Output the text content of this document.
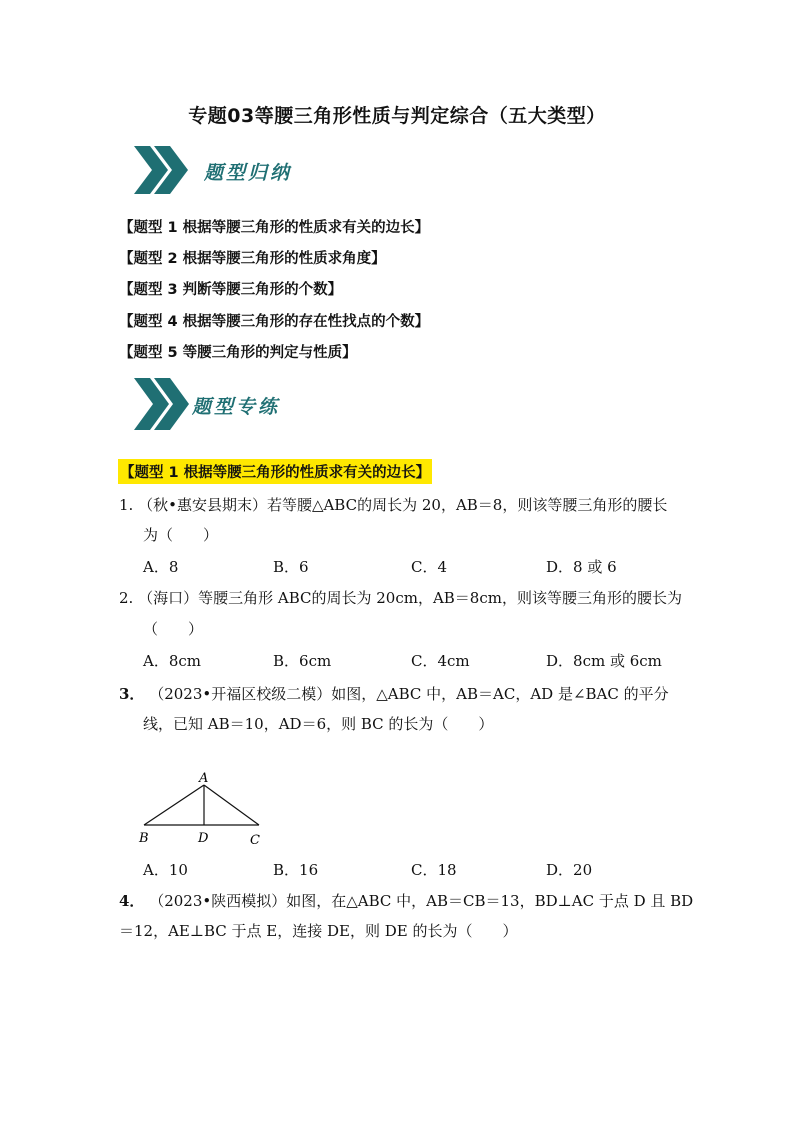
专题03等腰三角形性质与判定综合（五大类型）
题型归纳
【题型 1 根据等腰三角形的性质求有关的边长】
【题型 2 根据等腰三角形的性质求角度】
【题型 3 判断等腰三角形的个数】
【题型 4 根据等腰三角形的存在性找点的个数】
【题型 5 等腰三角形的判定与性质】
题型专练
【题型 1 根据等腰三角形的性质求有关的边长】
1. （秋•惠安县期末）若等腰△ABC的周长为 20，AB＝8，则该等腰三角形的腰长
为（　　）
A．8	B．6	C．4	D．8 或 6
2. （海口）等腰三角形 ABC的周长为 20cm，AB＝8cm，则该等腰三角形的腰长为
（　　）
A．8cm	B．6cm	C．4cm	D．8cm 或 6cm
3． （2023•开福区校级二模）如图，△ABC 中，AB＝AC，AD 是∠BAC 的平分
线，已知 AB＝10，AD＝6，则 BC 的长为（　　）
A
B	D	C
A．10	B．16	C．18	D．20
4． （2023•陕西模拟）如图，在△ABC 中，AB＝CB＝13，BD⊥AC 于点 D 且 BD
＝12，AE⊥BC 于点 E，连接 DE，则 DE 的长为（　　）
